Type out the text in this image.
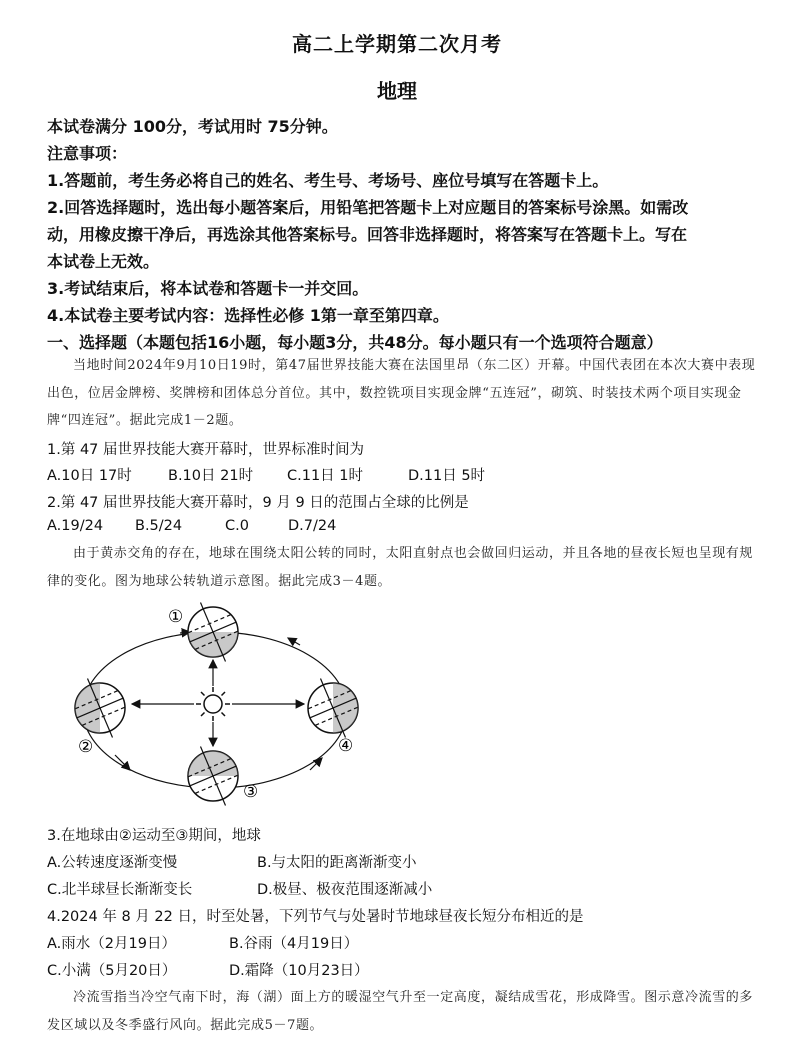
高二上学期第二次月考
地理
本试卷满分 100分，考试用时 75分钟。
注意事项：
1.答题前，考生务必将自己的姓名、考生号、考场号、座位号填写在答题卡上。
2.回答选择题时，选出每小题答案后，用铅笔把答题卡上对应题目的答案标号涂黑。如需改
动，用橡皮擦干净后，再选涂其他答案标号。回答非选择题时，将答案写在答题卡上。写在
本试卷上无效。
3.考试结束后，将本试卷和答题卡一并交回。
4.本试卷主要考试内容：选择性必修 1第一章至第四章。
一、选择题（本题包括16小题，每小题3分，共48分。每小题只有一个选项符合题意）
当地时间2024年9月10日19时，第47届世界技能大赛在法国里昂（东二区）开幕。中国代表团在本次大赛中表现出色，位居金牌榜、奖牌榜和团体总分首位。其中，数控铣项目实现金牌“五连冠”，砌筑、时装技术两个项目实现金牌“四连冠”。据此完成1－2题。
1.第 47 届世界技能大赛开幕时，世界标准时间为
A.10日 17时 B.10日 21时 C.11日 1时	D.11日 5时
2.第 47 届世界技能大赛开幕时，9 月 9 日的范围占全球的比例是
A.19/24 B.5/24	C.0	D.7/24
由于黄赤交角的存在，地球在围绕太阳公转的同时，太阳直射点也会做回归运动，并且各地的昼夜长短也呈现有规律的变化。图为地球公转轨道示意图。据此完成3－4题。
①
②
③
④
3.在地球由②运动至③期间，地球
A.公转速度逐渐变慢	B.与太阳的距离渐渐变小
C.北半球昼长渐渐变长	D.极昼、极夜范围逐渐减小
4.2024 年 8 月 22 日，时至处暑，下列节气与处暑时节地球昼夜长短分布相近的是
A.雨水（2月19日）	B.谷雨（4月19日）
C.小满（5月20日）	D.霜降（10月23日）
冷流雪指当冷空气南下时，海（湖）面上方的暖湿空气升至一定高度，凝结成雪花，形成降雪。图示意冷流雪的多发区域以及冬季盛行风向。据此完成5－7题。
